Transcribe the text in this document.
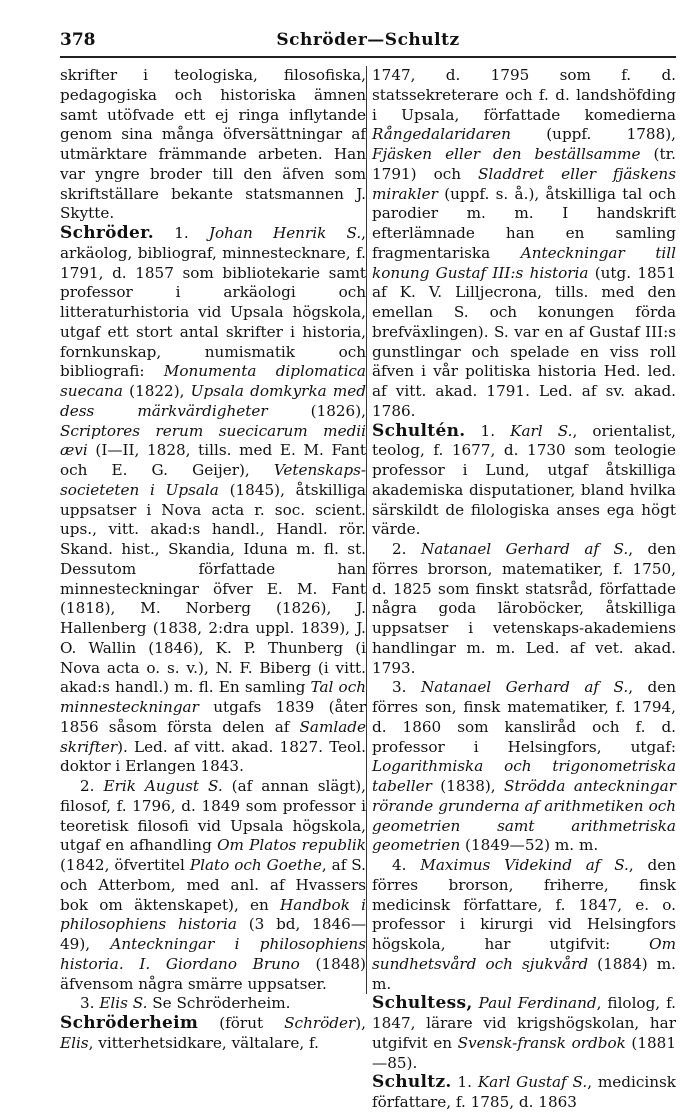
378	Schröder—Schultz

skrifter i teologiska, filosofiska, pedagogiska och historiska ämnen samt utöfvade ett ej ringa inflytande genom sina många öfversättningar af utmärktare främmande arbeten. Han var yngre broder till den äfven som skriftställare bekante statsmannen J. Skytte.

Schröder. 1. Johan Henrik S., arkäolog, bibliograf, minnestecknare, f. 1791, d. 1857 som bibliotekarie samt professor i arkäologi och litteraturhistoria vid Upsala högskola, utgaf ett stort antal skrifter i historia, fornkunskap, numismatik och bibliografi: Monumenta diplomatica suecana (1822), Upsala domkyrka med dess märkvärdigheter (1826), Scriptores rerum suecicarum medii ævi (I—II, 1828, tills. med E. M. Fant och E. G. Geijer), Vetenskaps-societeten i Upsala (1845), åtskilliga uppsatser i Nova acta r. soc. scient. ups., vitt. akad:s handl., Handl. rör. Skand. hist., Skandia, Iduna m. fl. st. Dessutom författade han minnesteckningar öfver E. M. Fant (1818), M. Norberg (1826), J. Hallenberg (1838, 2:dra uppl. 1839), J. O. Wallin (1846), K. P. Thunberg (i Nova acta o. s. v.), N. F. Biberg (i vitt. akad:s handl.) m. fl. En samling Tal och minnesteckningar utgafs 1839 (åter 1856 såsom första delen af Samlade skrifter). Led. af vitt. akad. 1827. Teol. doktor i Erlangen 1843.

2. Erik August S. (af annan slägt), filosof, f. 1796, d. 1849 som professor i teoretisk filosofi vid Upsala högskola, utgaf en afhandling Om Platos republik (1842, öfvertitel Plato och Goethe, af S. och Atterbom, med anl. af Hvassers bok om äktenskapet), en Handbok i philosophiens historia (3 bd, 1846—49), Anteckningar i philosophiens historia. I. Giordano Bruno (1848) äfvensom några smärre uppsatser.

3. Elis S. Se Schröderheim.

Schröderheim (förut Schröder), Elis, vitterhetsidkare, vältalare, f.

1747, d. 1795 som f. d. statssekreterare och f. d. landshöfding i Upsala, författade komedierna Rångedalaridaren (uppf. 1788), Fjäsken eller den beställsamme (tr. 1791) och Sladdret eller fjäskens mirakler (uppf. s. å.), åtskilliga tal och parodier m. m. I handskrift efterlämnade han en samling fragmentariska Anteckningar till konung Gustaf III:s historia (utg. 1851 af K. V. Lilljecrona, tills. med den emellan S. och konungen förda brefväxlingen). S. var en af Gustaf III:s gunstlingar och spelade en viss roll äfven i vår politiska historia Hed. led. af vitt. akad. 1791. Led. af sv. akad. 1786.

Schultén. 1. Karl S., orientalist, teolog, f. 1677, d. 1730 som teologie professor i Lund, utgaf åtskilliga akademiska disputationer, bland hvilka särskildt de filologiska anses ega högt värde.

2. Natanael Gerhard af S., den förres brorson, matematiker, f. 1750, d. 1825 som finskt statsråd, författade några goda läroböcker, åtskilliga uppsatser i vetenskaps-akademiens handlingar m. m. Led. af vet. akad. 1793.

3. Natanael Gerhard af S., den förres son, finsk matematiker, f. 1794, d. 1860 som kansliråd och f. d. professor i Helsingfors, utgaf: Logarithmiska och trigonometriska tabeller (1838), Strödda anteckningar rörande grunderna af arithmetiken och geometrien samt arithmetriska geometrien (1849—52) m. m.

4. Maximus Videkind af S., den förres brorson, friherre, finsk medicinsk författare, f. 1847, e. o. professor i kirurgi vid Helsingfors högskola, har utgifvit: Om sundhetsvård och sjukvård (1884) m. m.

Schultess, Paul Ferdinand, filolog, f. 1847, lärare vid krigshögskolan, har utgifvit en Svensk-fransk ordbok (1881—85).

Schultz. 1. Karl Gustaf S., medicinsk författare, f. 1785, d. 1863
